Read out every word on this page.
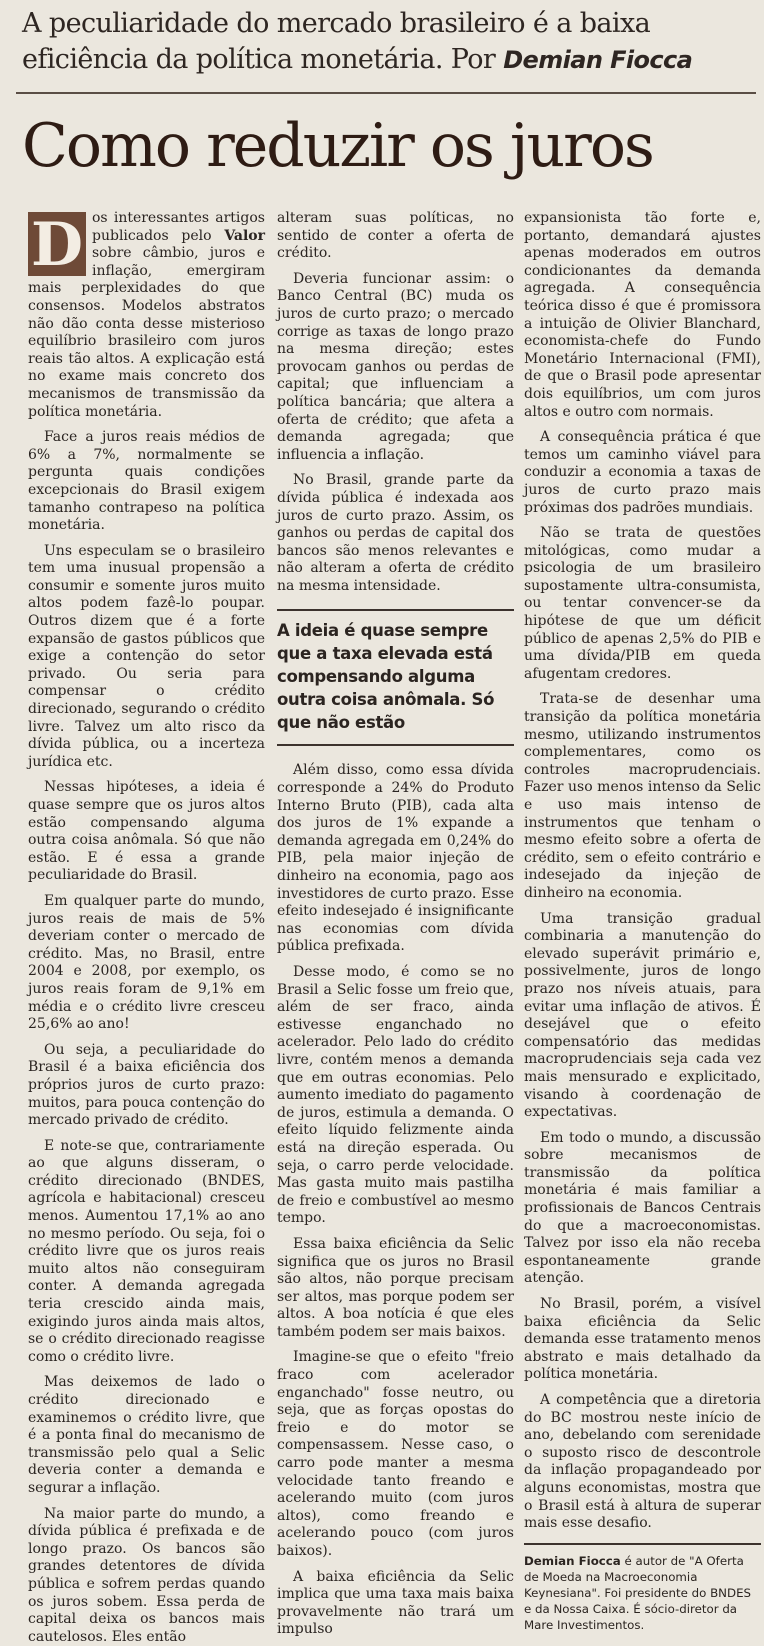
A peculiaridade do mercado brasileiro é a baixa eficiência da política monetária. Por Demian Fiocca
Como reduzir os juros

D os interessantes artigos publicados pelo Valor sobre câmbio, juros e inflação, emergiram mais perplexidades do que consensos. Modelos abstratos não dão conta desse misterioso equilíbrio brasileiro com juros reais tão altos. A explicação está no exame mais concreto dos mecanismos de transmissão da política monetária.

Face a juros reais médios de 6% a 7%, normalmente se pergunta quais condições excepcionais do Brasil exigem tamanho contrapeso na política monetária.

Uns especulam se o brasileiro tem uma inusual propensão a consumir e somente juros muito altos podem fazê-lo poupar. Outros dizem que é a forte expansão de gastos públicos que exige a contenção do setor privado. Ou seria para compensar o crédito direcionado, segurando o crédito livre. Talvez um alto risco da dívida pública, ou a incerteza jurídica etc.

Nessas hipóteses, a ideia é quase sempre que os juros altos estão compensando alguma outra coisa anômala. Só que não estão. E é essa a grande peculiaridade do Brasil.

Em qualquer parte do mundo, juros reais de mais de 5% deveriam conter o mercado de crédito. Mas, no Brasil, entre 2004 e 2008, por exemplo, os juros reais foram de 9,1% em média e o crédito livre cresceu 25,6% ao ano!

Ou seja, a peculiaridade do Brasil é a baixa eficiência dos próprios juros de curto prazo: muitos, para pouca contenção do mercado privado de crédito.

E note-se que, contrariamente ao que alguns disseram, o crédito direcionado (BNDES, agrícola e habitacional) cresceu menos. Aumentou 17,1% ao ano no mesmo período. Ou seja, foi o crédito livre que os juros reais muito altos não conseguiram conter. A demanda agregada teria crescido ainda mais, exigindo juros ainda mais altos, se o crédito direcionado reagisse como o crédito livre.

Mas deixemos de lado o crédito direcionado e examinemos o crédito livre, que é a ponta final do mecanismo de transmissão pelo qual a Selic deveria conter a demanda e segurar a inflação.

Na maior parte do mundo, a dívida pública é prefixada e de longo prazo. Os bancos são grandes detentores de dívida pública e sofrem perdas quando os juros sobem. Essa perda de capital deixa os bancos mais cautelosos. Eles então

alteram suas políticas, no sentido de conter a oferta de crédito.

Deveria funcionar assim: o Banco Central (BC) muda os juros de curto prazo; o mercado corrige as taxas de longo prazo na mesma direção; estes provocam ganhos ou perdas de capital; que influenciam a política bancária; que altera a oferta de crédito; que afeta a demanda agregada; que influencia a inflação.

No Brasil, grande parte da dívida pública é indexada aos juros de curto prazo. Assim, os ganhos ou perdas de capital dos bancos são menos relevantes e não alteram a oferta de crédito na mesma intensidade.

A ideia é quase sempre que a taxa elevada está compensando alguma outra coisa anômala. Só que não estão

Além disso, como essa dívida corresponde a 24% do Produto Interno Bruto (PIB), cada alta dos juros de 1% expande a demanda agregada em 0,24% do PIB, pela maior injeção de dinheiro na economia, pago aos investidores de curto prazo. Esse efeito indesejado é insignificante nas economias com dívida pública prefixada.

Desse modo, é como se no Brasil a Selic fosse um freio que, além de ser fraco, ainda estivesse enganchado no acelerador. Pelo lado do crédito livre, contém menos a demanda que em outras economias. Pelo aumento imediato do pagamento de juros, estimula a demanda. O efeito líquido felizmente ainda está na direção esperada. Ou seja, o carro perde velocidade. Mas gasta muito mais pastilha de freio e combustível ao mesmo tempo.

Essa baixa eficiência da Selic significa que os juros no Brasil são altos, não porque precisam ser altos, mas porque podem ser altos. A boa notícia é que eles também podem ser mais baixos.

Imagine-se que o efeito "freio fraco com acelerador enganchado" fosse neutro, ou seja, que as forças opostas do freio e do motor se compensassem. Nesse caso, o carro pode manter a mesma velocidade tanto freando e acelerando muito (com juros altos), como freando e acelerando pouco (com juros baixos).

A baixa eficiência da Selic implica que uma taxa mais baixa provavelmente não trará um impulso

expansionista tão forte e, portanto, demandará ajustes apenas moderados em outros condicionantes da demanda agregada. A consequência teórica disso é que é promissora a intuição de Olivier Blanchard, economista-chefe do Fundo Monetário Internacional (FMI), de que o Brasil pode apresentar dois equilíbrios, um com juros altos e outro com normais.

A consequência prática é que temos um caminho viável para conduzir a economia a taxas de juros de curto prazo mais próximas dos padrões mundiais.

Não se trata de questões mitológicas, como mudar a psicologia de um brasileiro supostamente ultra-consumista, ou tentar convencer-se da hipótese de que um déficit público de apenas 2,5% do PIB e uma dívida/PIB em queda afugentam credores.

Trata-se de desenhar uma transição da política monetária mesmo, utilizando instrumentos complementares, como os controles macroprudenciais. Fazer uso menos intenso da Selic e uso mais intenso de instrumentos que tenham o mesmo efeito sobre a oferta de crédito, sem o efeito contrário e indesejado da injeção de dinheiro na economia.

Uma transição gradual combinaria a manutenção do elevado superávit primário e, possivelmente, juros de longo prazo nos níveis atuais, para evitar uma inflação de ativos. É desejável que o efeito compensatório das medidas macroprudenciais seja cada vez mais mensurado e explicitado, visando à coordenação de expectativas.

Em todo o mundo, a discussão sobre mecanismos de transmissão da política monetária é mais familiar a profissionais de Bancos Centrais do que a macroeconomistas. Talvez por isso ela não receba espontaneamente grande atenção.

No Brasil, porém, a visível baixa eficiência da Selic demanda esse tratamento menos abstrato e mais detalhado da política monetária.

A competência que a diretoria do BC mostrou neste início de ano, debelando com serenidade o suposto risco de descontrole da inflação propagandeado por alguns economistas, mostra que o Brasil está à altura de superar mais esse desafio.

Demian Fiocca é autor de "A Oferta de Moeda na Macroeconomia Keynesiana". Foi presidente do BNDES e da Nossa Caixa. É sócio-diretor da Mare Investimentos.
